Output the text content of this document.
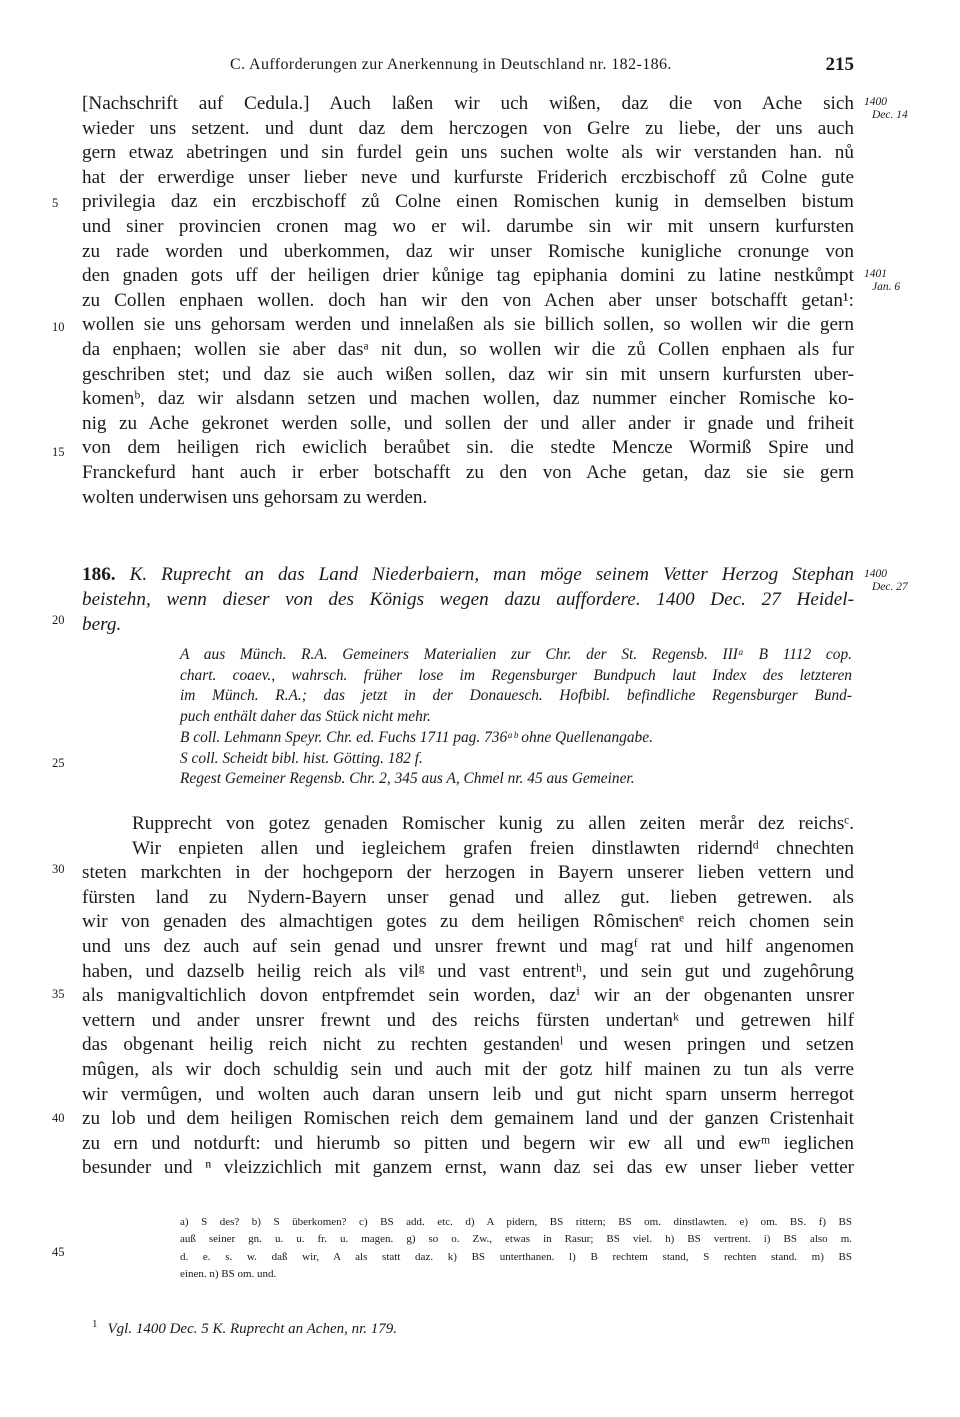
C. Aufforderungen zur Anerkennung in Deutschland nr. 182-186.	215
[Nachschrift auf Cedula.] Auch laßen wir uch wißen, daz die von Ache sich
wieder uns setzent. und dunt daz dem herczogen von Gelre zu liebe, der uns auch
gern etwaz abetringen und sin furdel gein uns suchen wolte als wir verstanden han. nů
hat der erwerdige unser lieber neve und kurfurste Friderich erczbischoff zů Colne gute
privilegia daz ein erczbischoff zů Colne einen Romischen kunig in demselben bistum
und siner provincien cronen mag wo er wil. darumbe sin wir mit unsern kurfursten
zu rade worden und uberkommen, daz wir unser Romische kunigliche cronunge von
den gnaden gots uff der heiligen drier kůnige tag epiphania domini zu latine nestkůmpt
zu Collen enphaen wollen. doch han wir den von Achen aber unser botschafft getan¹:
wollen sie uns gehorsam werden und innelaßen als sie billich sollen, so wollen wir die gern
da enphaen; wollen sie aber dasᵃ nit dun, so wollen wir die zů Collen enphaen als fur
geschriben stet; und daz sie auch wißen sollen, daz wir sin mit unsern kurfursten uber-
komenᵇ, daz wir alsdann setzen und machen wollen, daz nummer eincher Romische ko-
nig zu Ache gekronet werden solle, und sollen der und aller ander ir gnade und friheit
von dem heiligen rich ewiclich beraůbet sin. die stedte Mencze Wormiß Spire und
Franckefurd hant auch ir erber botschafft zu den von Ache getan, daz sie sie gern
wolten underwisen uns gehorsam zu werden.
1400
Dec. 14
1401
Jan. 6
1400
Dec. 27
5
10
15
20
25
30
35
40
45
186. K. Ruprecht an das Land Niederbaiern, man möge seinem Vetter Herzog Stephan
beistehn, wenn dieser von des Königs wegen dazu auffordere. 1400 Dec. 27 Heidel-
berg.
A aus Münch. R.A. Gemeiners Materialien zur Chr. der St. Regensb. IIIᵃ B 1112 cop.
chart. coaev., wahrsch. früher lose im Regensburger Bundpuch laut Index des letzteren
im Münch. R.A.; das jetzt in der Donauesch. Hofbibl. befindliche Regensburger Bund-
puch enthält daher das Stück nicht mehr.
B coll. Lehmann Speyr. Chr. ed. Fuchs 1711 pag. 736ᵃᵇ ohne Quellenangabe.
S coll. Scheidt bibl. hist. Götting. 182 f.
Regest Gemeiner Regensb. Chr. 2, 345 aus A, Chmel nr. 45 aus Gemeiner.
Rupprecht von gotez genaden Romischer kunig zu allen zeiten merår dez reichsᶜ.
Wir enpieten allen und iegleichem grafen freien dinstlawten riderndᵈ chnechten
steten markchten in der hochgeporn der herzogen in Bayern unserer lieben vettern und
fürsten land zu Nydern-Bayern unser genad und allez gut. lieben getrewen. als
wir von genaden des almachtigen gotes zu dem heiligen Rômischenᵉ reich chomen sein
und uns dez auch auf sein genad und unsrer frewnt und magᶠ rat und hilf angenomen
haben, und dazselb heilig reich als vilᵍ und vast entrentʰ, und sein gut und zugehôrung
als manigvaltichlich dovon entpfremdet sein worden, dazⁱ wir an der obgenanten unsrer
vettern und ander unsrer frewnt und des reichs fürsten undertanᵏ und getrewen hilf
das obgenant heilig reich nicht zu rechten gestandenˡ und wesen pringen und setzen
mûgen, als wir doch schuldig sein und auch mit der gotz hilf mainen zu tun als verre
wir vermûgen, und wolten auch daran unsern leib und gut nicht sparn unserm herregot
zu lob und dem heiligen Romischen reich dem gemainem land und der ganzen Cristenhait
zu ern und notdurft: und hierumb so pitten und begern wir ew all und ewᵐ ieglichen
besunder und ⁿ vleizzichlich mit ganzem ernst, wann daz sei das ew unser lieber vetter
a) S des? b) S überkomen? c) BS add. etc. d) A pidern, BS rittern; BS om. dinstlawten. e) om. BS. f) BS
auß seiner gn. u. u. fr. u. magen. g) so o. Zw., etwas in Rasur; BS viel. h) BS vertrent. i) BS also m.
d. e. s. w. daß wir, A als statt daz. k) BS unterthanen. l) B rechtem stand, S rechten stand. m) BS
einen. n) BS om. und.
$^1$ Vgl. 1400 Dec. 5 K. Ruprecht an Achen, nr. 179.
